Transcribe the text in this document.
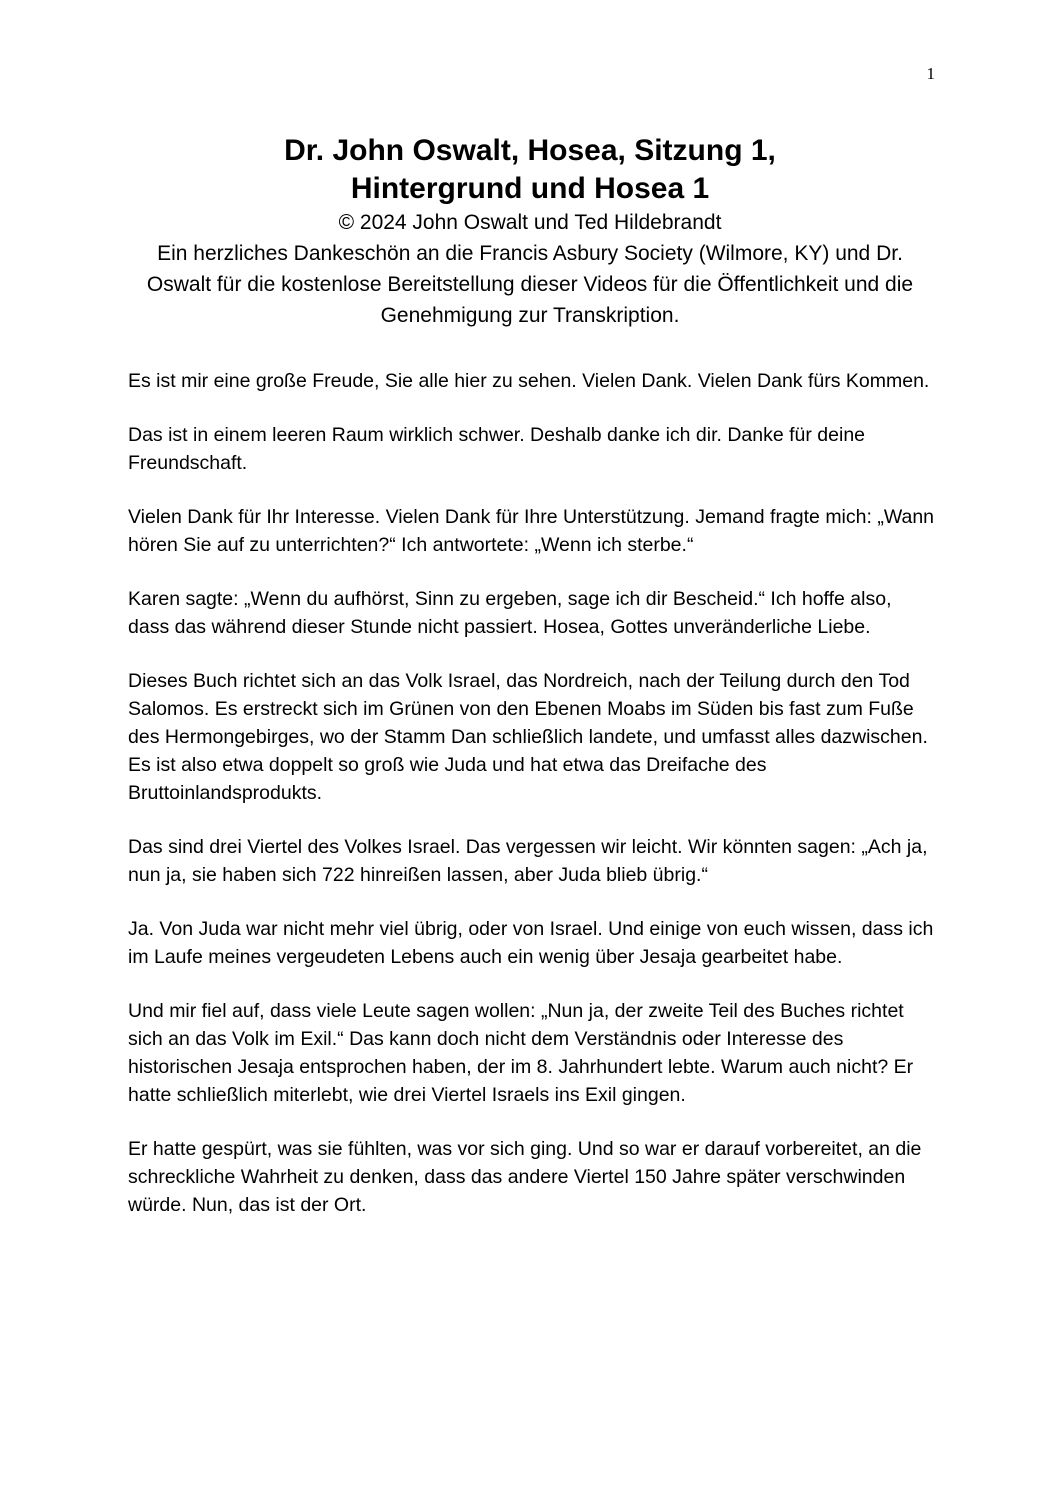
1

Dr. John Oswalt, Hosea, Sitzung 1,

Hintergrund und Hosea 1

© 2024 John Oswalt und Ted Hildebrandt

Ein herzliches Dankeschön an die Francis Asbury Society (Wilmore, KY) und Dr. Oswalt für die kostenlose Bereitstellung dieser Videos für die Öffentlichkeit und die Genehmigung zur Transkription.

Es ist mir eine große Freude, Sie alle hier zu sehen. Vielen Dank. Vielen Dank fürs Kommen.

Das ist in einem leeren Raum wirklich schwer. Deshalb danke ich dir. Danke für deine Freundschaft.

Vielen Dank für Ihr Interesse. Vielen Dank für Ihre Unterstützung. Jemand fragte mich: „Wann hören Sie auf zu unterrichten?“ Ich antwortete: „Wenn ich sterbe.“

Karen sagte: „Wenn du aufhörst, Sinn zu ergeben, sage ich dir Bescheid.“ Ich hoffe also, dass das während dieser Stunde nicht passiert. Hosea, Gottes unveränderliche Liebe.

Dieses Buch richtet sich an das Volk Israel, das Nordreich, nach der Teilung durch den Tod Salomos. Es erstreckt sich im Grünen von den Ebenen Moabs im Süden bis fast zum Fuße des Hermongebirges, wo der Stamm Dan schließlich landete, und umfasst alles dazwischen. Es ist also etwa doppelt so groß wie Juda und hat etwa das Dreifache des Bruttoinlandsprodukts.

Das sind drei Viertel des Volkes Israel. Das vergessen wir leicht. Wir könnten sagen: „Ach ja, nun ja, sie haben sich 722 hinreißen lassen, aber Juda blieb übrig.“

Ja. Von Juda war nicht mehr viel übrig, oder von Israel. Und einige von euch wissen, dass ich im Laufe meines vergeudeten Lebens auch ein wenig über Jesaja gearbeitet habe.

Und mir fiel auf, dass viele Leute sagen wollen: „Nun ja, der zweite Teil des Buches richtet sich an das Volk im Exil.“ Das kann doch nicht dem Verständnis oder Interesse des historischen Jesaja entsprochen haben, der im 8. Jahrhundert lebte. Warum auch nicht? Er hatte schließlich miterlebt, wie drei Viertel Israels ins Exil gingen.

Er hatte gespürt, was sie fühlten, was vor sich ging. Und so war er darauf vorbereitet, an die schreckliche Wahrheit zu denken, dass das andere Viertel 150 Jahre später verschwinden würde. Nun, das ist der Ort.
